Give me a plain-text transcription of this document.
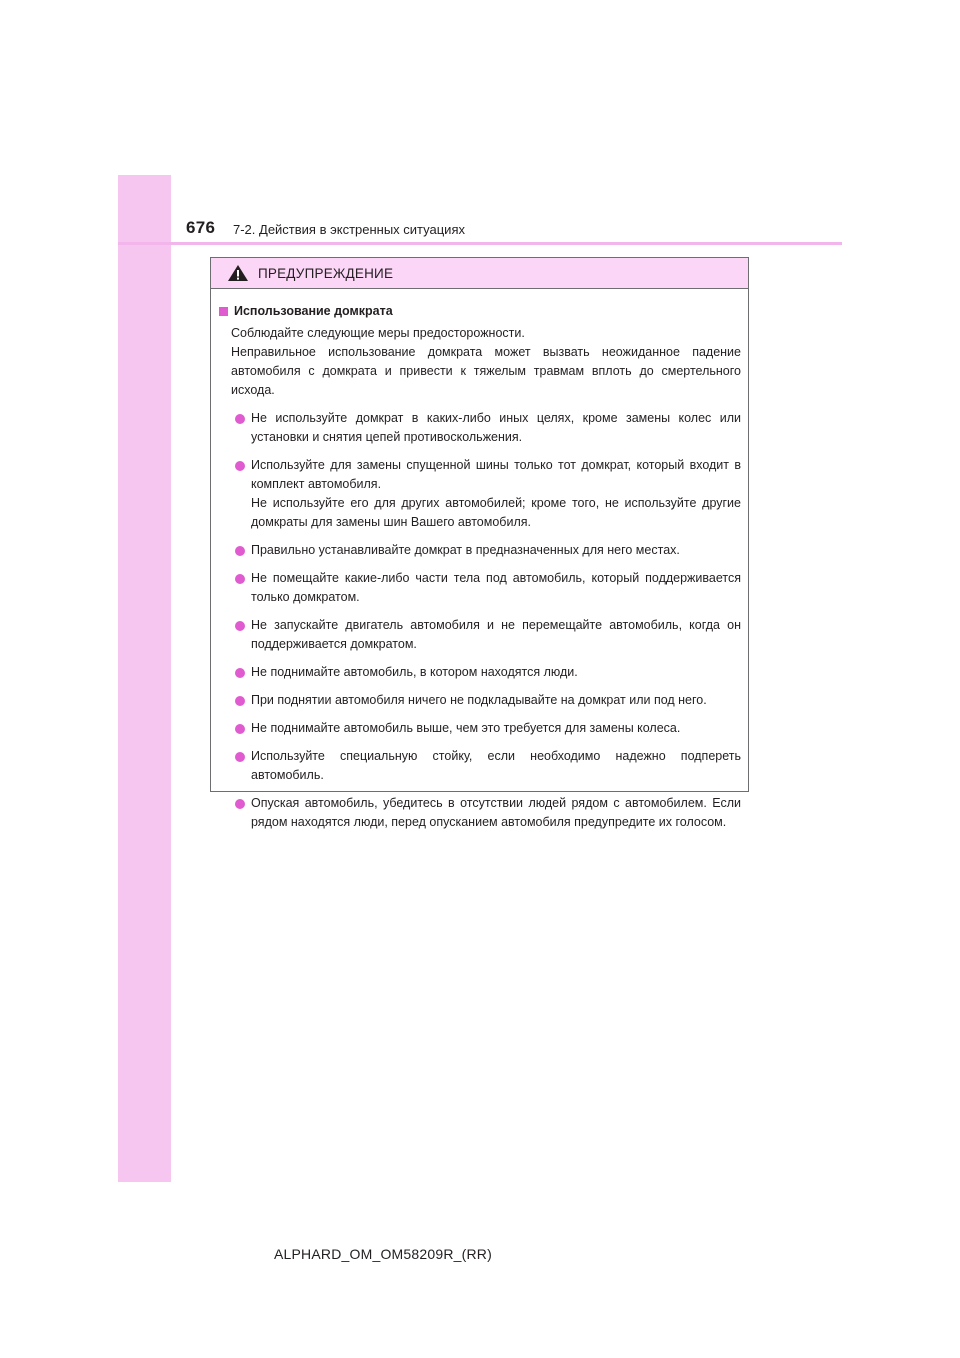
676 7-2. Действия в экстренных ситуациях
ПРЕДУПРЕЖДЕНИЕ
Использование домкрата

Соблюдайте следующие меры предосторожности.

Неправильное использование домкрата может вызвать неожиданное падение автомобиля с домкрата и привести к тяжелым травмам вплоть до смертельного исхода.

Не используйте домкрат в каких-либо иных целях, кроме замены колес или установки и снятия цепей противоскольжения.
Используйте для замены спущенной шины только тот домкрат, который входит в комплект автомобиля.
Не используйте его для других автомобилей; кроме того, не используйте другие домкраты для замены шин Вашего автомобиля.
Правильно устанавливайте домкрат в предназначенных для него местах.
Не помещайте какие-либо части тела под автомобиль, который поддерживается только домкратом.
Не запускайте двигатель автомобиля и не перемещайте автомобиль, когда он поддерживается домкратом.
Не поднимайте автомобиль, в котором находятся люди.
При поднятии автомобиля ничего не подкладывайте на домкрат или под него.
Не поднимайте автомобиль выше, чем это требуется для замены колеса.
Используйте специальную стойку, если необходимо надежно подпереть автомобиль.
Опуская автомобиль, убедитесь в отсутствии людей рядом с автомобилем. Если рядом находятся люди, перед опусканием автомобиля предупредите их голосом.
ALPHARD_OM_OM58209R_(RR)
